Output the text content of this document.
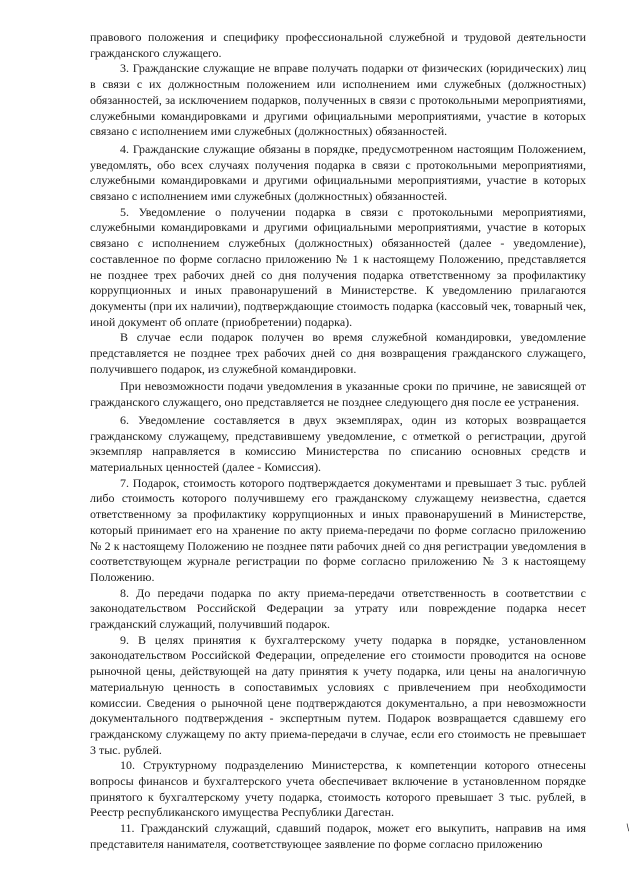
правового положения и специфику профессиональной служебной и трудовой деятельности гражданского служащего.

3. Гражданские служащие не вправе получать подарки от физических (юридических) лиц в связи с их должностным положением или исполнением ими служебных (должностных) обязанностей, за исключением подарков, полученных в связи с протокольными мероприятиями, служебными командировками и другими официальными мероприятиями, участие в которых связано с исполнением ими служебных (должностных) обязанностей.

4. Гражданские служащие обязаны в порядке, предусмотренном настоящим Положением, уведомлять, обо всех случаях получения подарка в связи с протокольными мероприятиями, служебными командировками и другими официальными мероприятиями, участие в которых связано с исполнением ими служебных (должностных) обязанностей.

5. Уведомление о получении подарка в связи с протокольными мероприятиями, служебными командировками и другими официальными мероприятиями, участие в которых связано с исполнением служебных (должностных) обязанностей (далее - уведомление), составленное по форме согласно приложению № 1 к настоящему Положению, представляется не позднее трех рабочих дней со дня получения подарка ответственному за профилактику коррупционных и иных правонарушений в Министерстве. К уведомлению прилагаются документы (при их наличии), подтверждающие стоимость подарка (кассовый чек, товарный чек, иной документ об оплате (приобретении) подарка).

В случае если подарок получен во время служебной командировки, уведомление представляется не позднее трех рабочих дней со дня возвращения гражданского служащего, получившего подарок, из служебной командировки.

При невозможности подачи уведомления в указанные сроки по причине, не зависящей от гражданского служащего, оно представляется не позднее следующего дня после ее устранения.

6. Уведомление составляется в двух экземплярах, один из которых возвращается гражданскому служащему, представившему уведомление, с отметкой о регистрации, другой экземпляр направляется в комиссию Министерства по списанию основных средств и материальных ценностей (далее - Комиссия).

7. Подарок, стоимость которого подтверждается документами и превышает 3 тыс. рублей либо стоимость которого получившему его гражданскому служащему неизвестна, сдается ответственному за профилактику коррупционных и иных правонарушений в Министерстве, который принимает его на хранение по акту приема-передачи по форме согласно приложению № 2 к настоящему Положению не позднее пяти рабочих дней со дня регистрации уведомления в соответствующем журнале регистрации по форме согласно приложению № 3 к настоящему Положению.

8. До передачи подарка по акту приема-передачи ответственность в соответствии с законодательством Российской Федерации за утрату или повреждение подарка несет гражданский служащий, получивший подарок.

9. В целях принятия к бухгалтерскому учету подарка в порядке, установленном законодательством Российской Федерации, определение его стоимости проводится на основе рыночной цены, действующей на дату принятия к учету подарка, или цены на аналогичную материальную ценность в сопоставимых условиях с привлечением при необходимости комиссии. Сведения о рыночной цене подтверждаются документально, а при невозможности документального подтверждения - экспертным путем. Подарок возвращается сдавшему его гражданскому служащему по акту приема-передачи в случае, если его стоимость не превышает 3 тыс. рублей.

10. Структурному подразделению Министерства, к компетенции которого отнесены вопросы финансов и бухгалтерского учета обеспечивает включение в установленном порядке принятого к бухгалтерскому учету подарка, стоимость которого превышает 3 тыс. рублей, в Реестр республиканского имущества Республики Дагестан.

11. Гражданский служащий, сдавший подарок, может его выкупить, направив на имя представителя нанимателя, соответствующее заявление по форме согласно приложению

/
